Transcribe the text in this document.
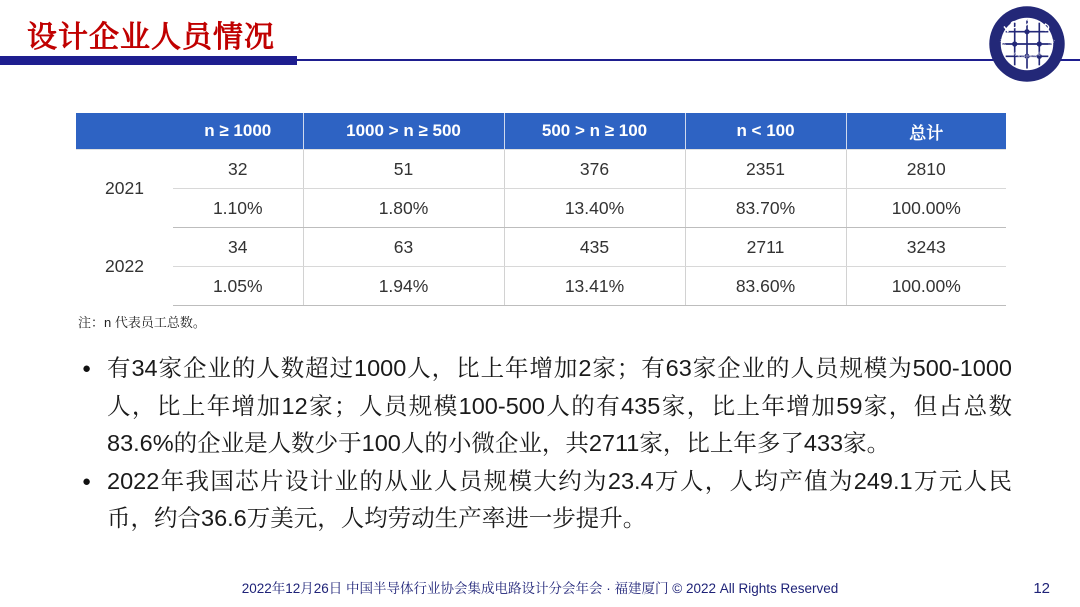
设计企业人员情况	I C C A D
中国半导体行业协会集成电路设计分会
	n ≥ 1000	1000 > n ≥ 500	500 > n ≥ 100	n < 100	总计
2021	32	51	376	2351	2810
	1.10%	1.80%	13.40%	83.70%	100.00%
2022	34	63	435	2711	3243
	1.05%	1.94%	13.41%	83.60%	100.00%
注：n 代表员工总数。
● 有34家企业的人数超过1000人，比上年增加2家；有63家企业的人员规模为500-1000人，比上年增加12家；人员规模100-500人的有435家，比上年增加59家，但占总数83.6%的企业是人数少于100人的小微企业，共2711家，比上年多了433家。
● 2022年我国芯片设计业的从业人员规模大约为23.4万人，人均产值为249.1万元人民币，约合36.6万美元，人均劳动生产率进一步提升。
2022年12月26日 中国半导体行业协会集成电路设计分会年会 · 福建厦门 © 2022 All Rights Reserved	12
